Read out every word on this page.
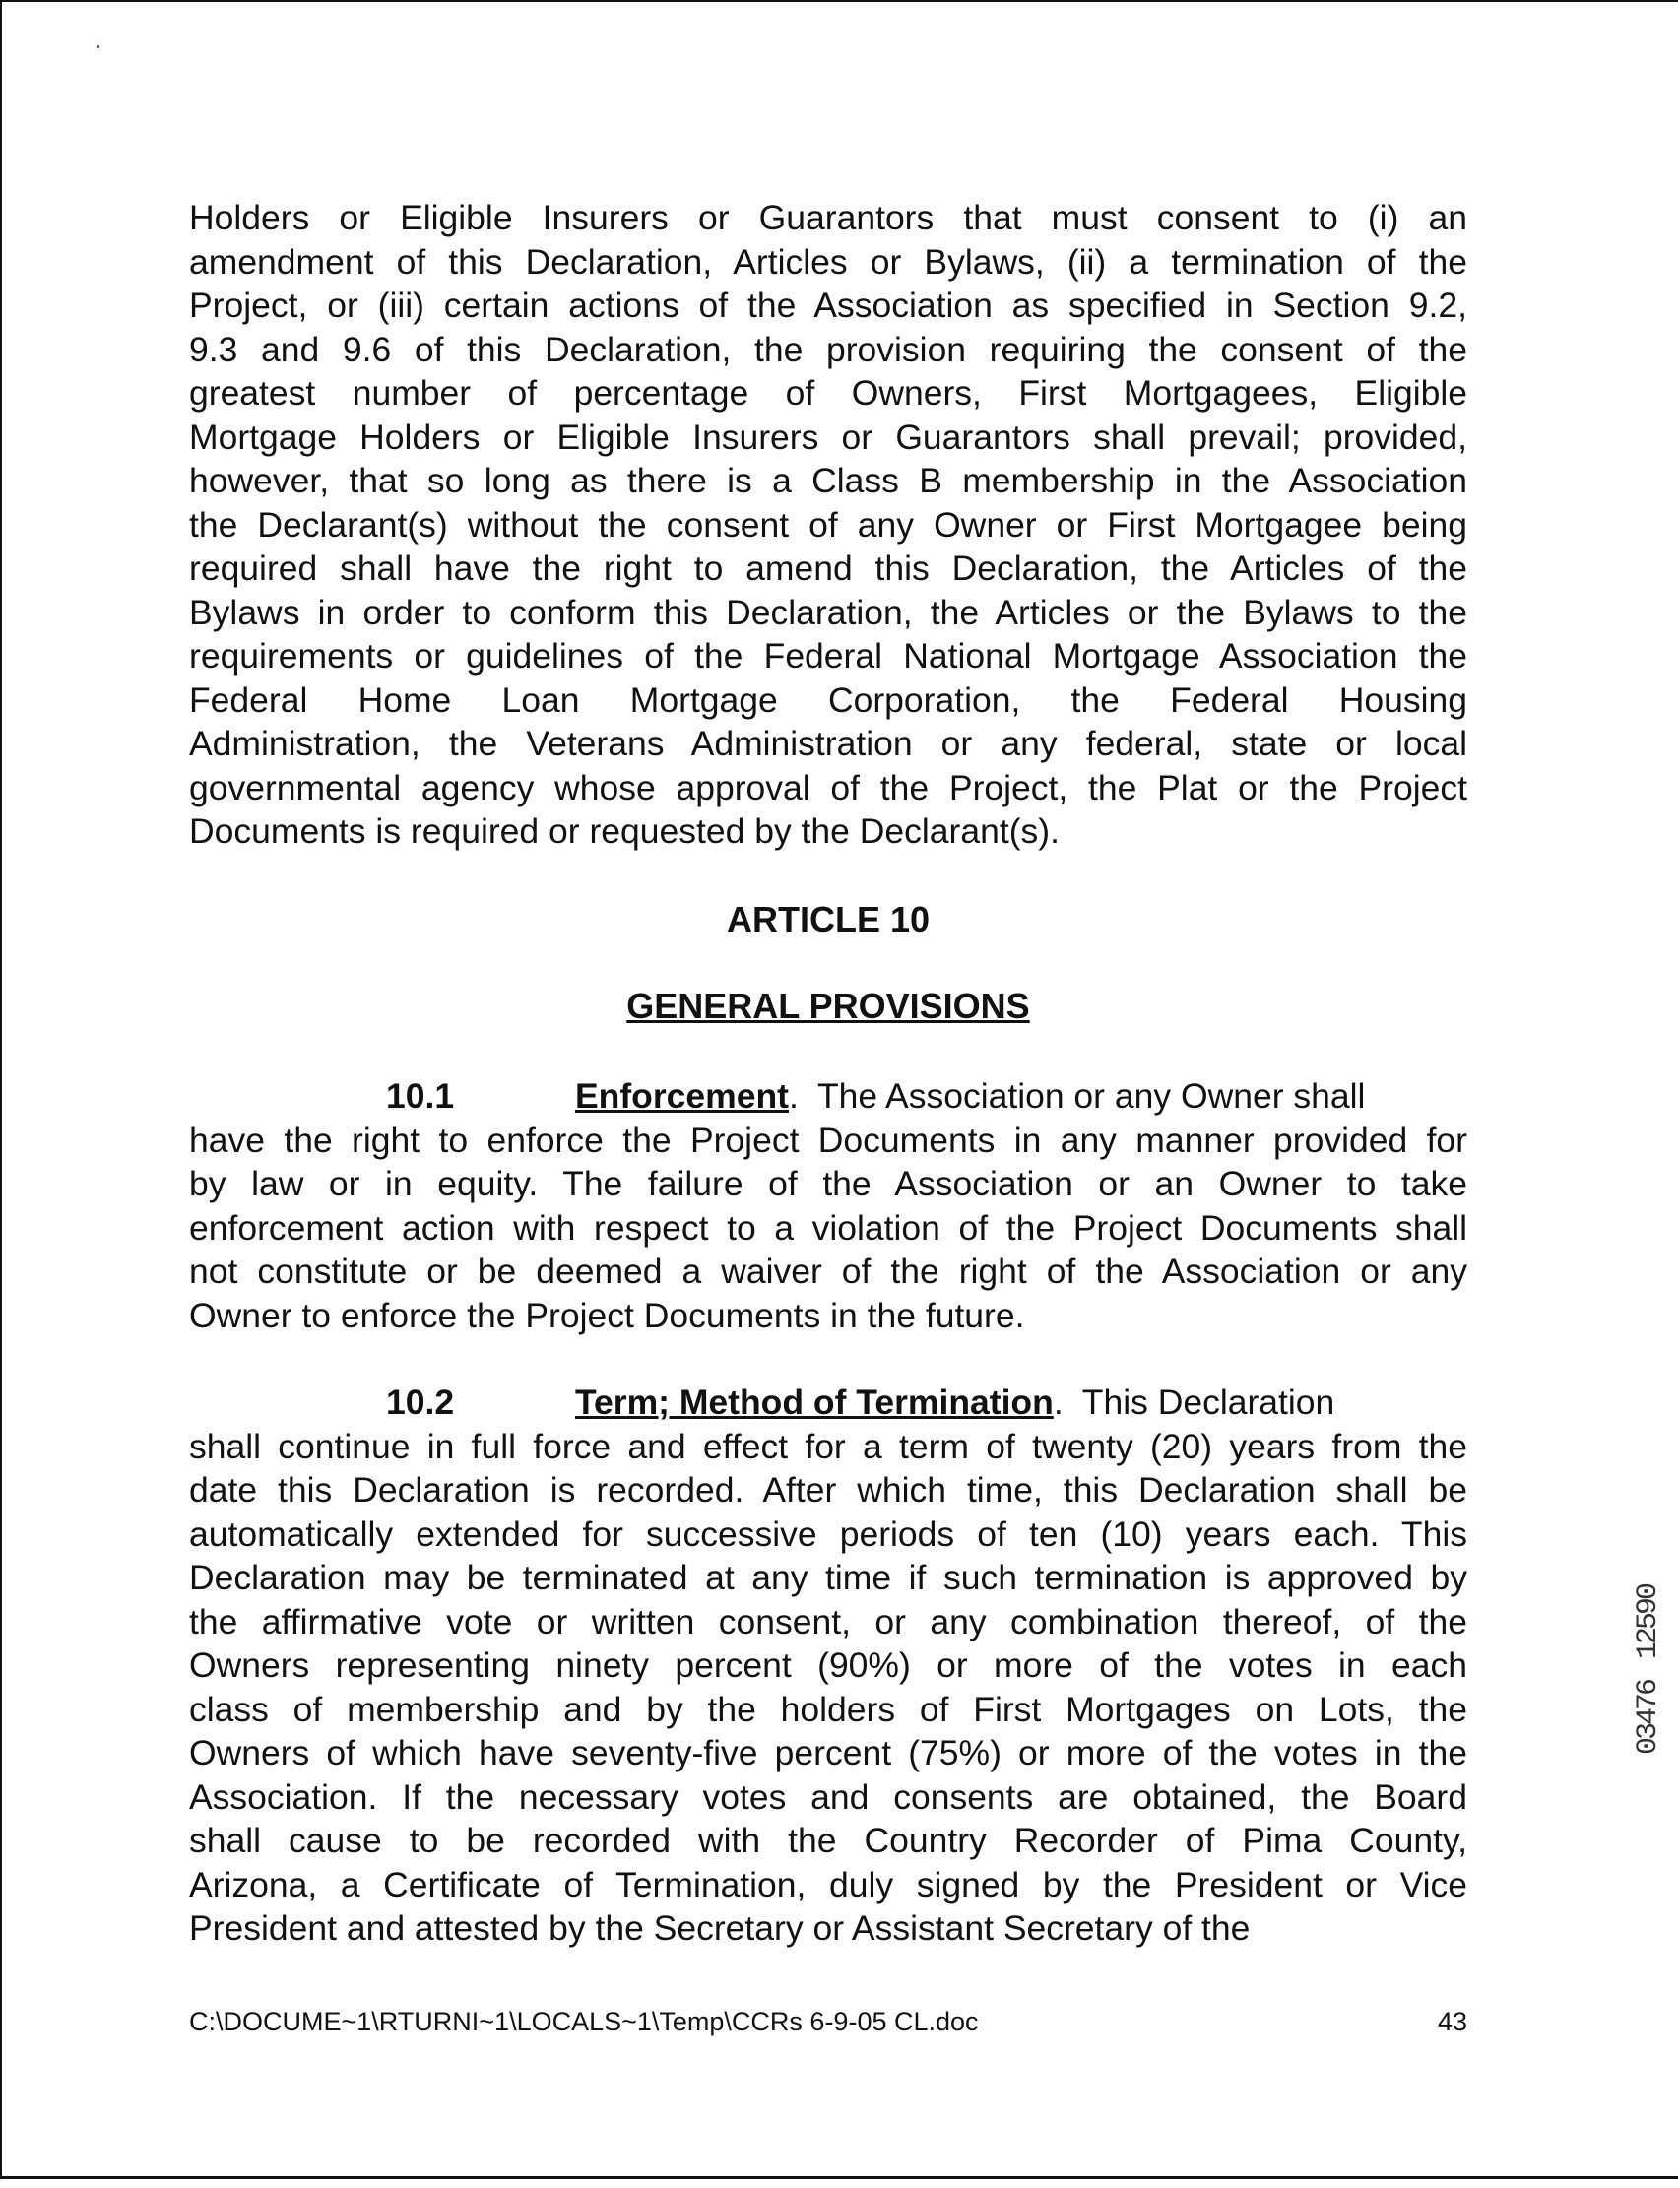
Holders or Eligible Insurers or Guarantors that must consent to (i) an
amendment of this Declaration, Articles or Bylaws, (ii) a termination of the
Project, or (iii) certain actions of the Association as specified in Section 9.2,
9.3 and 9.6 of this Declaration, the provision requiring the consent of the
greatest number of percentage of Owners, First Mortgagees, Eligible
Mortgage Holders or Eligible Insurers or Guarantors shall prevail; provided,
however, that so long as there is a Class B membership in the Association
the Declarant(s) without the consent of any Owner or First Mortgagee being
required shall have the right to amend this Declaration, the Articles of the
Bylaws in order to conform this Declaration, the Articles or the Bylaws to the
requirements or guidelines of the Federal National Mortgage Association the
Federal Home Loan Mortgage Corporation, the Federal Housing
Administration, the Veterans Administration or any federal, state or local
governmental agency whose approval of the Project, the Plat or the Project
Documents is required or requested by the Declarant(s).
ARTICLE 10
GENERAL PROVISIONS
10.1	Enforcement.  The Association or any Owner shall
have the right to enforce the Project Documents in any manner provided for
by law or in equity. The failure of the Association or an Owner to take
enforcement action with respect to a violation of the Project Documents shall
not constitute or be deemed a waiver of the right of the Association or any
Owner to enforce the Project Documents in the future.
10.2	Term; Method of Termination.  This Declaration
shall continue in full force and effect for a term of twenty (20) years from the
date this Declaration is recorded. After which time, this Declaration shall be
automatically extended for successive periods of ten (10) years each. This
Declaration may be terminated at any time if such termination is approved by
the affirmative vote or written consent, or any combination thereof, of the
Owners representing ninety percent (90%) or more of the votes in each
class of membership and by the holders of First Mortgages on Lots, the
Owners of which have seventy-five percent (75%) or more of the votes in the
Association. If the necessary votes and consents are obtained, the Board
shall cause to be recorded with the Country Recorder of Pima County,
Arizona, a Certificate of Termination, duly signed by the President or Vice
President and attested by the Secretary or Assistant Secretary of the
C:\DOCUME~1\RTURNI~1\LOCALS~1\Temp\CCRs 6-9-05 CL.doc	43
12590
03476
